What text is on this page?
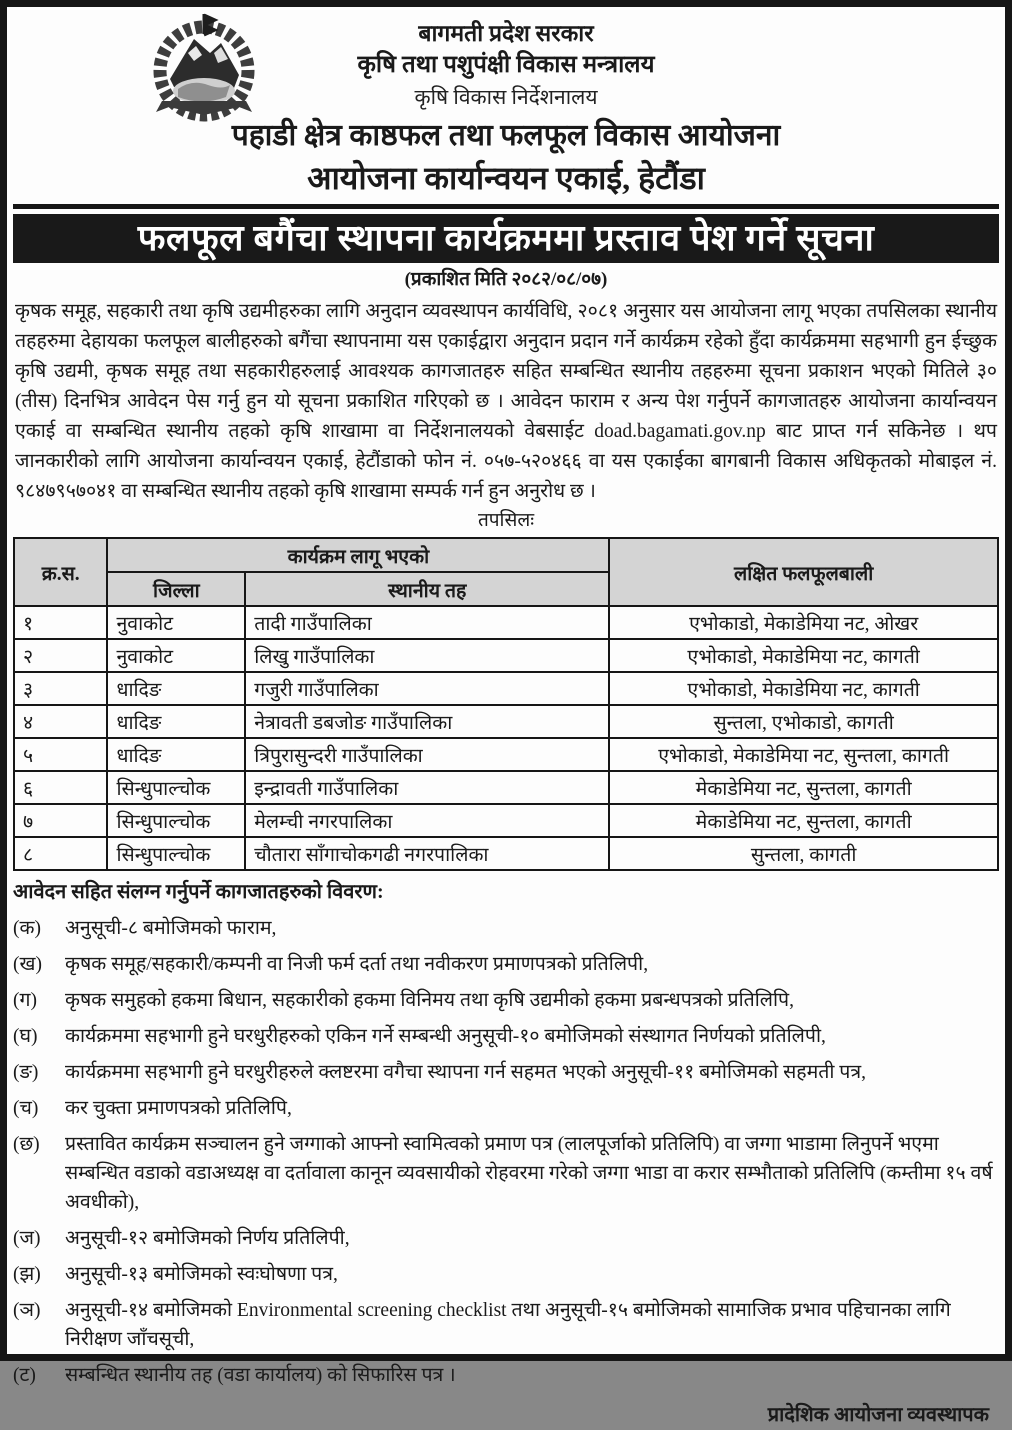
बागमती प्रदेश सरकार
कृषि तथा पशुपंक्षी विकास मन्त्रालय
कृषि विकास निर्देशनालय
पहाडी क्षेत्र काष्ठफल तथा फलफूल विकास आयोजना
आयोजना कार्यान्वयन एकाई, हेटौंडा
फलफूल बगैंचा स्थापना कार्यक्रममा प्रस्ताव पेश गर्ने सूचना
(प्रकाशित मिति २०८२/०८/०७)

कृषक समूह, सहकारी तथा कृषि उद्यमीहरुका लागि अनुदान व्यवस्थापन कार्यविधि, २०८१ अनुसार यस आयोजना लागू भएका तपसिलका स्थानीय तहहरुमा देहायका फलफूल बालीहरुको बगैंचा स्थापनामा यस एकाईद्वारा अनुदान प्रदान गर्ने कार्यक्रम रहेको हुँदा कार्यक्रममा सहभागी हुन ईच्छुक कृषि उद्यमी, कृषक समूह तथा सहकारीहरुलाई आवश्यक कागजातहरु सहित सम्बन्धित स्थानीय तहहरुमा सूचना प्रकाशन भएको मितिले ३० (तीस) दिनभित्र आवेदन पेस गर्नु हुन यो सूचना प्रकाशित गरिएको छ । आवेदन फाराम र अन्य पेश गर्नुपर्ने कागजातहरु आयोजना कार्यान्वयन एकाई वा सम्बन्धित स्थानीय तहको कृषि शाखामा वा निर्देशनालयको वेबसाईट doad.bagamati.gov.np बाट प्राप्त गर्न सकिनेछ । थप जानकारीको लागि आयोजना कार्यान्वयन एकाई, हेटौंडाको फोन नं. ०५७-५२०४६६ वा यस एकाईका बागबानी विकास अधिकृतको मोबाइल नं. ९८४७९५७०४१ वा सम्बन्धित स्थानीय तहको कृषि शाखामा सम्पर्क गर्न हुन अनुरोध छ ।

तपसिलः
क्र.स.	कार्यक्रम लागू भएको		लक्षित फलफूलबाली
	जिल्ला	स्थानीय तह	
१	नुवाकोट	तादी गाउँपालिका	एभोकाडो, मेकाडेमिया नट, ओखर
२	नुवाकोट	लिखु गाउँपालिका	एभोकाडो, मेकाडेमिया नट, कागती
३	धादिङ	गजुरी गाउँपालिका	एभोकाडो, मेकाडेमिया नट, कागती
४	धादिङ	नेत्रावती डबजोङ गाउँपालिका	सुन्तला, एभोकाडो, कागती
५	धादिङ	त्रिपुरासुन्दरी गाउँपालिका	एभोकाडो, मेकाडेमिया नट, सुन्तला, कागती
६	सिन्धुपाल्चोक	इन्द्रावती गाउँपालिका	मेकाडेमिया नट, सुन्तला, कागती
७	सिन्धुपाल्चोक	मेलम्ची नगरपालिका	मेकाडेमिया नट, सुन्तला, कागती
८	सिन्धुपाल्चोक	चौतारा साँगाचोकगढी नगरपालिका	सुन्तला, कागती
आवेदन सहित संलग्न गर्नुपर्ने कागजातहरुको विवरण:
(क)	अनुसूची-८ बमोजिमको फाराम,
(ख)	कृषक समूह/सहकारी/कम्पनी वा निजी फर्म दर्ता तथा नवीकरण प्रमाणपत्रको प्रतिलिपी,
(ग)	कृषक समुहको हकमा बिधान, सहकारीको हकमा विनिमय तथा कृषि उद्यमीको हकमा प्रबन्धपत्रको प्रतिलिपि,
(घ)	कार्यक्रममा सहभागी हुने घरधुरीहरुको एकिन गर्ने सम्बन्धी अनुसूची-१० बमोजिमको संस्थागत निर्णयको प्रतिलिपी,
(ङ)	कार्यक्रममा सहभागी हुने घरधुरीहरुले क्लष्टरमा वगैचा स्थापना गर्न सहमत भएको अनुसूची-११ बमोजिमको सहमती पत्र,
(च)	कर चुक्ता प्रमाणपत्रको प्रतिलिपि,
(छ)	प्रस्तावित कार्यक्रम सञ्चालन हुने जग्गाको आफ्नो स्वामित्वको प्रमाण पत्र (लालपूर्जाको प्रतिलिपि) वा जग्गा भाडामा लिनुपर्ने भएमा सम्बन्धित वडाको वडाअध्यक्ष वा दर्तावाला कानून व्यवसायीको रोहवरमा गरेको जग्गा भाडा वा करार सम्भौताको प्रतिलिपि (कम्तीमा १५ वर्ष अवधीको),
(ज)	अनुसूची-१२ बमोजिमको निर्णय प्रतिलिपी,
(झ)	अनुसूची-१३ बमोजिमको स्वःघोषणा पत्र,
(ञ)	अनुसूची-१४ बमोजिमको Environmental screening checklist तथा अनुसूची-१५ बमोजिमको सामाजिक प्रभाव पहिचानका लागि निरीक्षण जाँचसूची,
(ट)	सम्बन्धित स्थानीय तह (वडा कार्यालय) को सिफारिस पत्र ।
प्रादेशिक आयोजना व्यवस्थापक
